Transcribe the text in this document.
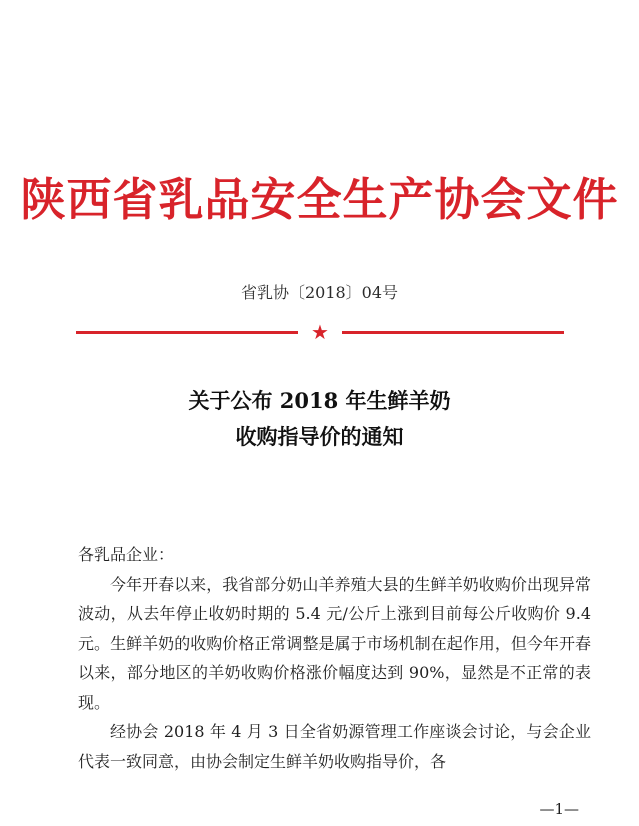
陕西省乳品安全生产协会文件
省乳协〔2018〕04号
★
关于公布 2018 年生鲜羊奶
收购指导价的通知

各乳品企业：

今年开春以来，我省部分奶山羊养殖大县的生鲜羊奶收购价出现异常波动，从去年停止收奶时期的 5.4 元/公斤上涨到目前每公斤收购价 9.4 元。生鲜羊奶的收购价格正常调整是属于市场机制在起作用，但今年开春以来，部分地区的羊奶收购价格涨价幅度达到 90%，显然是不正常的表现。

经协会 2018 年 4 月 3 日全省奶源管理工作座谈会讨论，与会企业代表一致同意，由协会制定生鲜羊奶收购指导价，各

—1—
